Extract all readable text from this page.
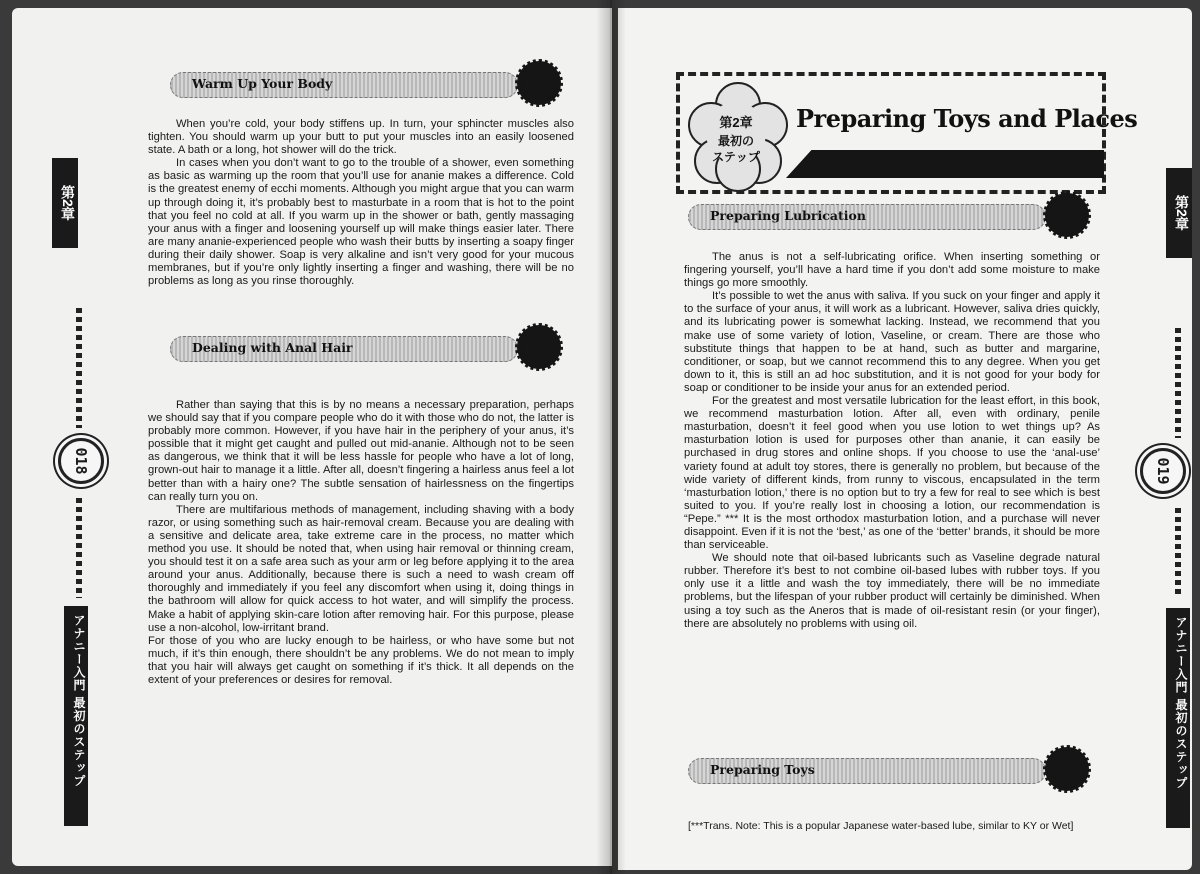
第2章
018
アナニー入門 最初のステップ
Warm Up Your Body

When you’re cold, your body stiffens up. In turn, your sphincter muscles also tighten. You should warm up your butt to put your muscles into an easily loosened state. A bath or a long, hot shower will do the trick.

In cases when you don’t want to go to the trouble of a shower, even something as basic as warming up the room that you’ll use for ananie makes a difference. Cold is the greatest enemy of ecchi moments. Although you might argue that you can warm up through doing it, it’s probably best to masturbate in a room that is hot to the point that you feel no cold at all. If you warm up in the shower or bath, gently massaging your anus with a finger and loosening yourself up will make things easier later. There are many ananie-experienced people who wash their butts by inserting a soapy finger during their daily shower. Soap is very alkaline and isn’t very good for your mucous membranes, but if you’re only lightly inserting a finger and washing, there will be no problems as long as you rinse thoroughly.

Dealing with Anal Hair

Rather than saying that this is by no means a necessary preparation, perhaps we should say that if you compare people who do it with those who do not, the latter is probably more common. However, if you have hair in the periphery of your anus, it’s possible that it might get caught and pulled out mid-ananie. Although not to be seen as dangerous, we think that it will be less hassle for people who have a lot of long, grown-out hair to manage it a little. After all, doesn’t fingering a hairless anus feel a lot better than with a hairy one? The subtle sensation of hairlessness on the fingertips can really turn you on.

There are multifarious methods of management, including shaving with a body razor, or using something such as hair-removal cream. Because you are dealing with a sensitive and delicate area, take extreme care in the process, no matter which method you use. It should be noted that, when using hair removal or thinning cream, you should test it on a safe area such as your arm or leg before applying it to the area around your anus. Additionally, because there is such a need to wash cream off thoroughly and immediately if you feel any discomfort when using it, doing things in the bathroom will allow for quick access to hot water, and will simplify the process. Make a habit of applying skin-care lotion after removing hair. For this purpose, please use a non-alcohol, low-irritant brand.

For those of you who are lucky enough to be hairless, or who have some but not much, if it’s thin enough, there shouldn’t be any problems. We do not mean to imply that you hair will always get caught on something if it’s thick. It all depends on the extent of your preferences or desires for removal.

第2章
最初の
ステップ
Preparing Toys and Places
Preparing Lubrication

The anus is not a self-lubricating orifice. When inserting something or fingering yourself, you’ll have a hard time if you don’t add some moisture to make things go more smoothly.

It’s possible to wet the anus with saliva. If you suck on your finger and apply it to the surface of your anus, it will work as a lubricant. However, saliva dries quickly, and its lubricating power is somewhat lacking. Instead, we recommend that you make use of some variety of lotion, Vaseline, or cream. There are those who substitute things that happen to be at hand, such as butter and margarine, conditioner, or soap, but we cannot recommend this to any degree. When you get down to it, this is still an ad hoc substitution, and it is not good for your body for soap or conditioner to be inside your anus for an extended period.

For the greatest and most versatile lubrication for the least effort, in this book, we recommend masturbation lotion. After all, even with ordinary, penile masturbation, doesn’t it feel good when you use lotion to wet things up? As masturbation lotion is used for purposes other than ananie, it can easily be purchased in drug stores and online shops. If you choose to use the ‘anal-use’ variety found at adult toy stores, there is generally no problem, but because of the wide variety of different kinds, from runny to viscous, encapsulated in the term ‘masturbation lotion,’ there is no option but to try a few for real to see which is best suited to you. If you’re really lost in choosing a lotion, our recommendation is “Pepe.” *** It is the most orthodox masturbation lotion, and a purchase will never disappoint. Even if it is not the ‘best,’ as one of the ‘better’ brands, it should be more than serviceable.

We should note that oil-based lubricants such as Vaseline degrade natural rubber. Therefore it’s best to not combine oil-based lubes with rubber toys. If you only use it a little and wash the toy immediately, there will be no immediate problems, but the lifespan of your rubber product will certainly be diminished. When using a toy such as the Aneros that is made of oil-resistant resin (or your finger), there are absolutely no problems with using oil.

Preparing Toys
[***Trans. Note: This is a popular Japanese water-based lube, similar to KY or Wet]
第2章
019
アナニー入門 最初のステップ
